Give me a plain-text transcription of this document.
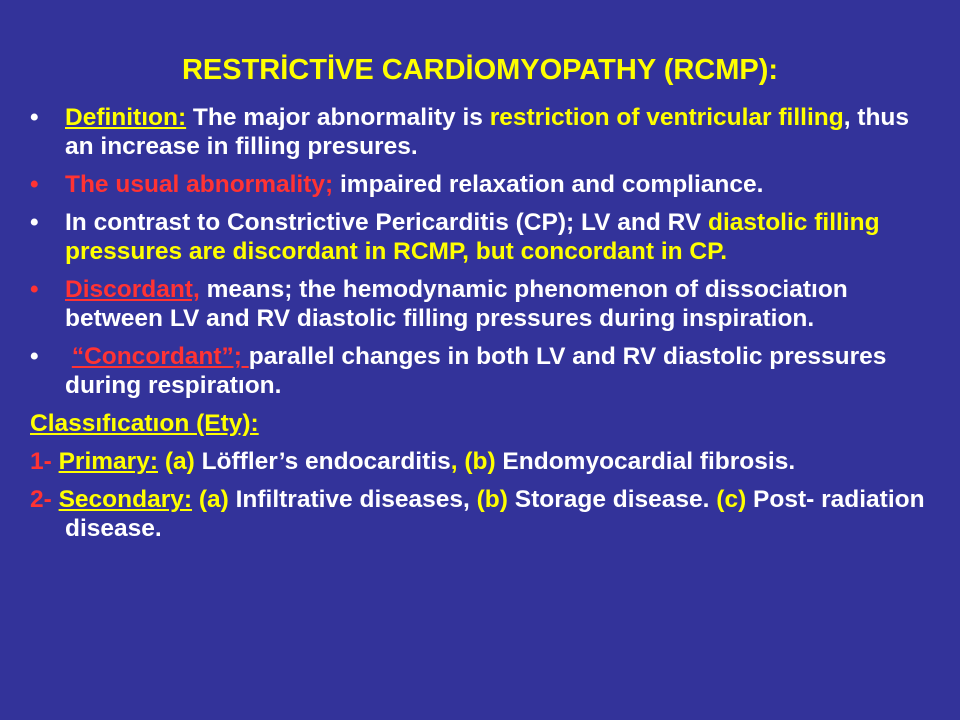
RESTRİCTİVE CARDİOMYOPATHY (RCMP):
• Definitıon: The major abnormality is restriction of ventricular filling, thus an increase in filling presures.
• The usual abnormality; impaired relaxation and compliance.
• In contrast to Constrictive Pericarditis (CP); LV and RV diastolic filling pressures are discordant in RCMP, but concordant in CP.
• Discordant, means; the hemodynamic phenomenon of dissociatıon between LV and RV diastolic filling pressures during inspiration.
• “Concordant”; parallel changes in both LV and RV diastolic pressures during respiratıon.
Classıfıcatıon (Ety):
1- Primary: (a) Löffler’s endocarditis, (b) Endomyocardial fibrosis.
2- Secondary: (a) Infiltrative diseases, (b) Storage disease. (c) Post- radiation disease.
